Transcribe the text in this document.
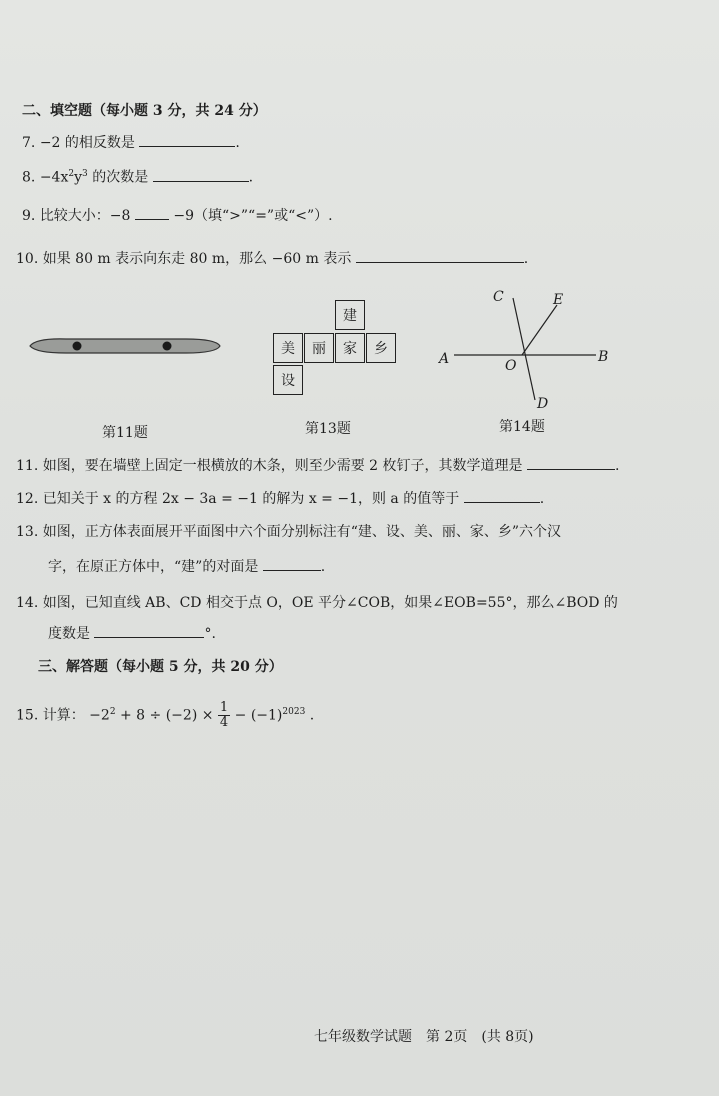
二、填空题（每小题 3 分，共 24 分）
7. −2 的相反数是	.
8. $-4x^2y^3$ 的次数是	.
9. 比较大小：−8	−9（填“>”“=”或“<”）.
10. 如果 80 m 表示向东走 80 m，那么 −60 m 表示	.
第11题
建
美	丽	家	乡
设
第13题
A	B
C
D
E
O
第14题
11. 如图，要在墙壁上固定一根横放的木条，则至少需要 2 枚钉子，其数学道理是	.
12. 已知关于 x 的方程 2x − 3a = −1 的解为 x = −1，则 a 的值等于	.
13. 如图，正方体表面展开平面图中六个面分别标注有“建、设、美、丽、家、乡”六个汉
字，在原正方体中，“建”的对面是	.
14. 如图，已知直线 AB、CD 相交于点 O，OE 平分∠COB，如果∠EOB=55°，那么∠BOD 的
度数是	°.
三、解答题（每小题 5 分，共 20 分）
15. 计算： $-2^2 + 8 \div (-2) \times \frac{1}{4} - (-1)^{2023}$ .
七年级数学试题　第 2页　(共 8页)
